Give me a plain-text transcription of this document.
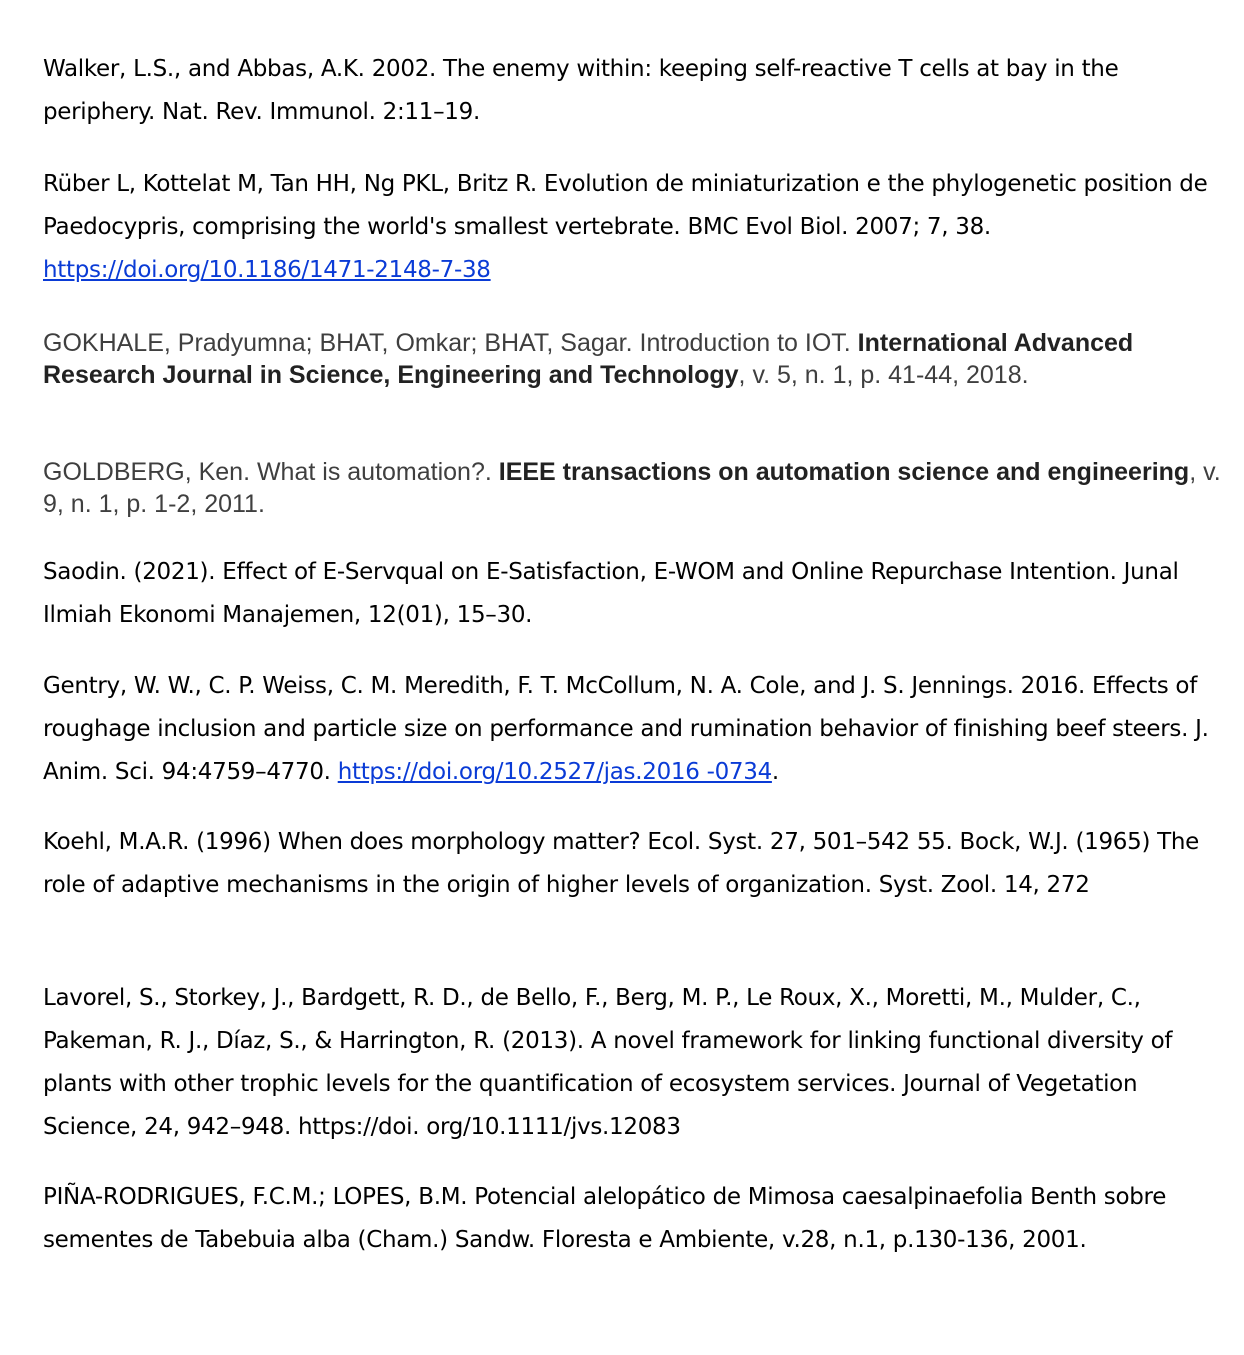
Walker, L.S., and Abbas, A.K. 2002. The enemy within: keeping self-reactive T cells at bay in the periphery. Nat. Rev. Immunol. 2:11–19.

Rüber L, Kottelat M, Tan HH, Ng PKL, Britz R. Evolution de miniaturization e the phylogenetic position de Paedocypris, comprising the world's smallest vertebrate. BMC Evol Biol. 2007; 7, 38. https://doi.org/10.1186/1471-2148-7-38

GOKHALE, Pradyumna; BHAT, Omkar; BHAT, Sagar. Introduction to IOT. International Advanced Research Journal in Science, Engineering and Technology, v. 5, n. 1, p. 41-44, 2018.

GOLDBERG, Ken. What is automation?. IEEE transactions on automation science and engineering, v. 9, n. 1, p. 1-2, 2011.

Saodin. (2021). Effect of E-Servqual on E-Satisfaction, E-WOM and Online Repurchase Intention. Junal Ilmiah Ekonomi Manajemen, 12(01), 15–30.

Gentry, W. W., C. P. Weiss, C. M. Meredith, F. T. McCollum, N. A. Cole, and J. S. Jennings. 2016. Effects of roughage inclusion and particle size on performance and rumination behavior of finishing beef steers. J. Anim. Sci. 94:4759–4770. https://doi.org/10.2527/jas.2016 -0734.

Koehl, M.A.R. (1996) When does morphology matter? Ecol. Syst. 27, 501–542 55. Bock, W.J. (1965) The role of adaptive mechanisms in the origin of higher levels of organization. Syst. Zool. 14, 272

Lavorel, S., Storkey, J., Bardgett, R. D., de Bello, F., Berg, M. P., Le Roux, X., Moretti, M., Mulder, C., Pakeman, R. J., Díaz, S., & Harrington, R. (2013). A novel framework for linking functional diversity of plants with other trophic levels for the quantification of ecosystem services. Journal of Vegetation Science, 24, 942–948. https://doi. org/10.1111/jvs.12083

PIÑA-RODRIGUES, F.C.M.; LOPES, B.M. Potencial alelopático de Mimosa caesalpinaefolia Benth sobre sementes de Tabebuia alba (Cham.) Sandw. Floresta e Ambiente, v.28, n.1, p.130-136, 2001.
